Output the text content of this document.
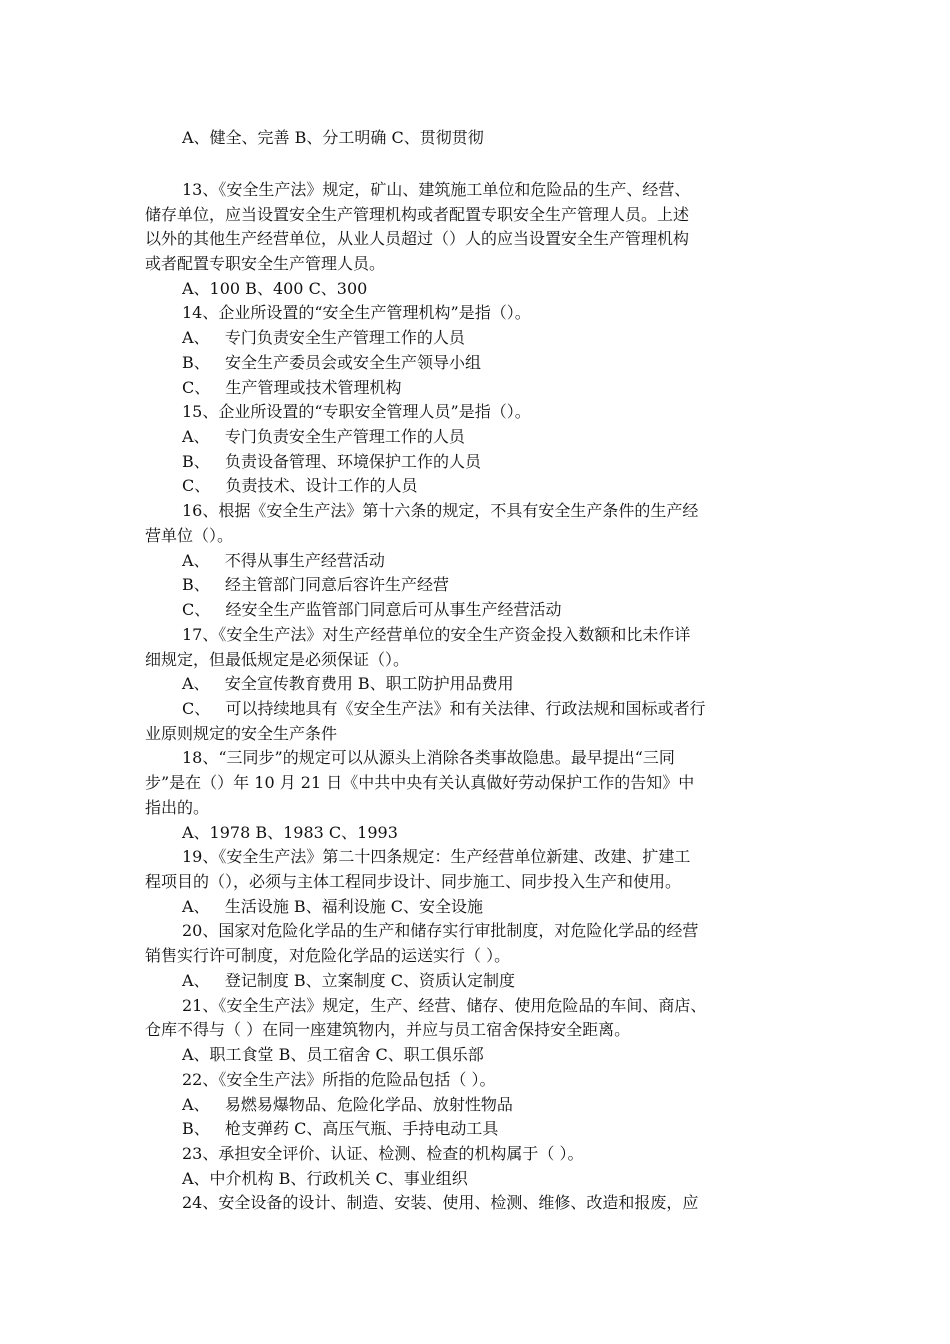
A、健全、完善 B、分工明确 C、贯彻贯彻

13、《安全生产法》规定，矿山、建筑施工单位和危险品的生产、经营、

储存单位，应当设置安全生产管理机构或者配置专职安全生产管理人员。上述

以外的其他生产经营单位，从业人员超过（）人的应当设置安全生产管理机构

或者配置专职安全生产管理人员。

A、100 B、400 C、300

14、企业所设置的“安全生产管理机构”是指（）。

A、   专门负责安全生产管理工作的人员

B、   安全生产委员会或安全生产领导小组

C、   生产管理或技术管理机构

15、企业所设置的“专职安全管理人员”是指（）。

A、   专门负责安全生产管理工作的人员

B、   负责设备管理、环境保护工作的人员

C、   负责技术、设计工作的人员

16、根据《安全生产法》第十六条的规定，不具有安全生产条件的生产经

营单位（）。

A、   不得从事生产经营活动

B、   经主管部门同意后容许生产经营

C、   经安全生产监管部门同意后可从事生产经营活动

17、《安全生产法》对生产经营单位的安全生产资金投入数额和比未作详

细规定，但最低规定是必须保证（）。

A、   安全宣传教育费用 B、职工防护用品费用

C、   可以持续地具有《安全生产法》和有关法律、行政法规和国标或者行

业原则规定的安全生产条件

18、“三同步”的规定可以从源头上消除各类事故隐患。最早提出“三同

步”是在（）年 10 月 21 日《中共中央有关认真做好劳动保护工作的告知》中

指出的。

A、1978 B、1983 C、1993

19、《安全生产法》第二十四条规定：生产经营单位新建、改建、扩建工

程项目的（），必须与主体工程同步设计、同步施工、同步投入生产和使用。

A、   生活设施 B、福利设施 C、安全设施

20、国家对危险化学品的生产和储存实行审批制度，对危险化学品的经营

销售实行许可制度，对危险化学品的运送实行（ ）。

A、   登记制度 B、立案制度 C、资质认定制度

21、《安全生产法》规定，生产、经营、储存、使用危险品的车间、商店、

仓库不得与（ ）在同一座建筑物内，并应与员工宿舍保持安全距离。

A、职工食堂 B、员工宿舍 C、职工俱乐部

22、《安全生产法》所指的危险品包括（ ）。

A、   易燃易爆物品、危险化学品、放射性物品

B、   枪支弹药 C、高压气瓶、手持电动工具

23、承担安全评价、认证、检测、检查的机构属于（ ）。

A、中介机构 B、行政机关 C、事业组织

24、安全设备的设计、制造、安装、使用、检测、维修、改造和报废，应
